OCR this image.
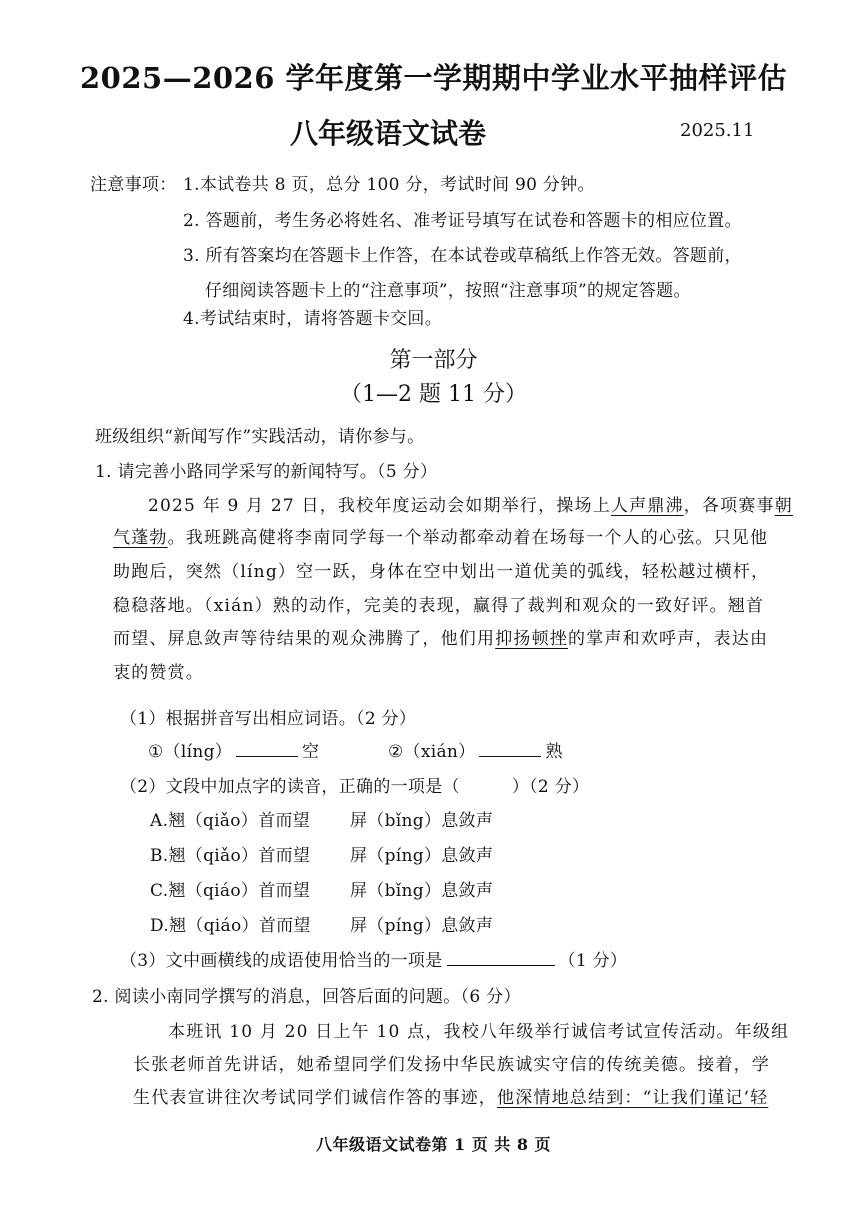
2025—2026 学年度第一学期期中学业水平抽样评估
八年级语文试卷	2025.11
注意事项： 1.本试卷共 8 页，总分 100 分，考试时间 90 分钟。
2. 答题前，考生务必将姓名、准考证号填写在试卷和答题卡的相应位置。
3. 所有答案均在答题卡上作答，在本试卷或草稿纸上作答无效。答题前，
仔细阅读答题卡上的“注意事项”，按照“注意事项”的规定答题。
4.考试结束时，请将答题卡交回。
第一部分
（1—2 题 11 分）
班级组织“新闻写作”实践活动，请你参与。
1. 请完善小路同学采写的新闻特写。（5 分）
2025 年 9 月 27 日，我校年度运动会如期举行，操场上人声鼎沸，各项赛事朝
气蓬勃。我班跳高健将李南同学每一个举动都牵动着在场每一个人的心弦。只见他
助跑后，突然（líng）空一跃，身体在空中划出一道优美的弧线，轻松越过横杆，
稳稳落地。（xián）熟的动作，完美的表现，赢得了裁判和观众的一致好评。翘首
而望、屏息敛声等待结果的观众沸腾了，他们用抑扬顿挫的掌声和欢呼声，表达由
衷的赞赏。
（1）根据拼音写出相应词语。（2 分）
①（líng）	空	②（xián）	熟
（2）文段中加点字的读音，正确的一项是（	）（2 分）
A.翘（qiǎo）首而望 屏（bǐng）息敛声
B.翘（qiǎo）首而望 屏（píng）息敛声
C.翘（qiáo）首而望 屏（bǐng）息敛声
D.翘（qiáo）首而望 屏（píng）息敛声
（3）文中画横线的成语使用恰当的一项是	（1 分）
2. 阅读小南同学撰写的消息，回答后面的问题。（6 分）
本班讯 10 月 20 日上午 10 点，我校八年级举行诚信考试宣传活动。年级组
长张老师首先讲话，她希望同学们发扬中华民族诚实守信的传统美德。接着，学
生代表宣讲往次考试同学们诚信作答的事迹，他深情地总结到：“让我们谨记‘轻
八年级语文试卷第 1 页 共 8 页
